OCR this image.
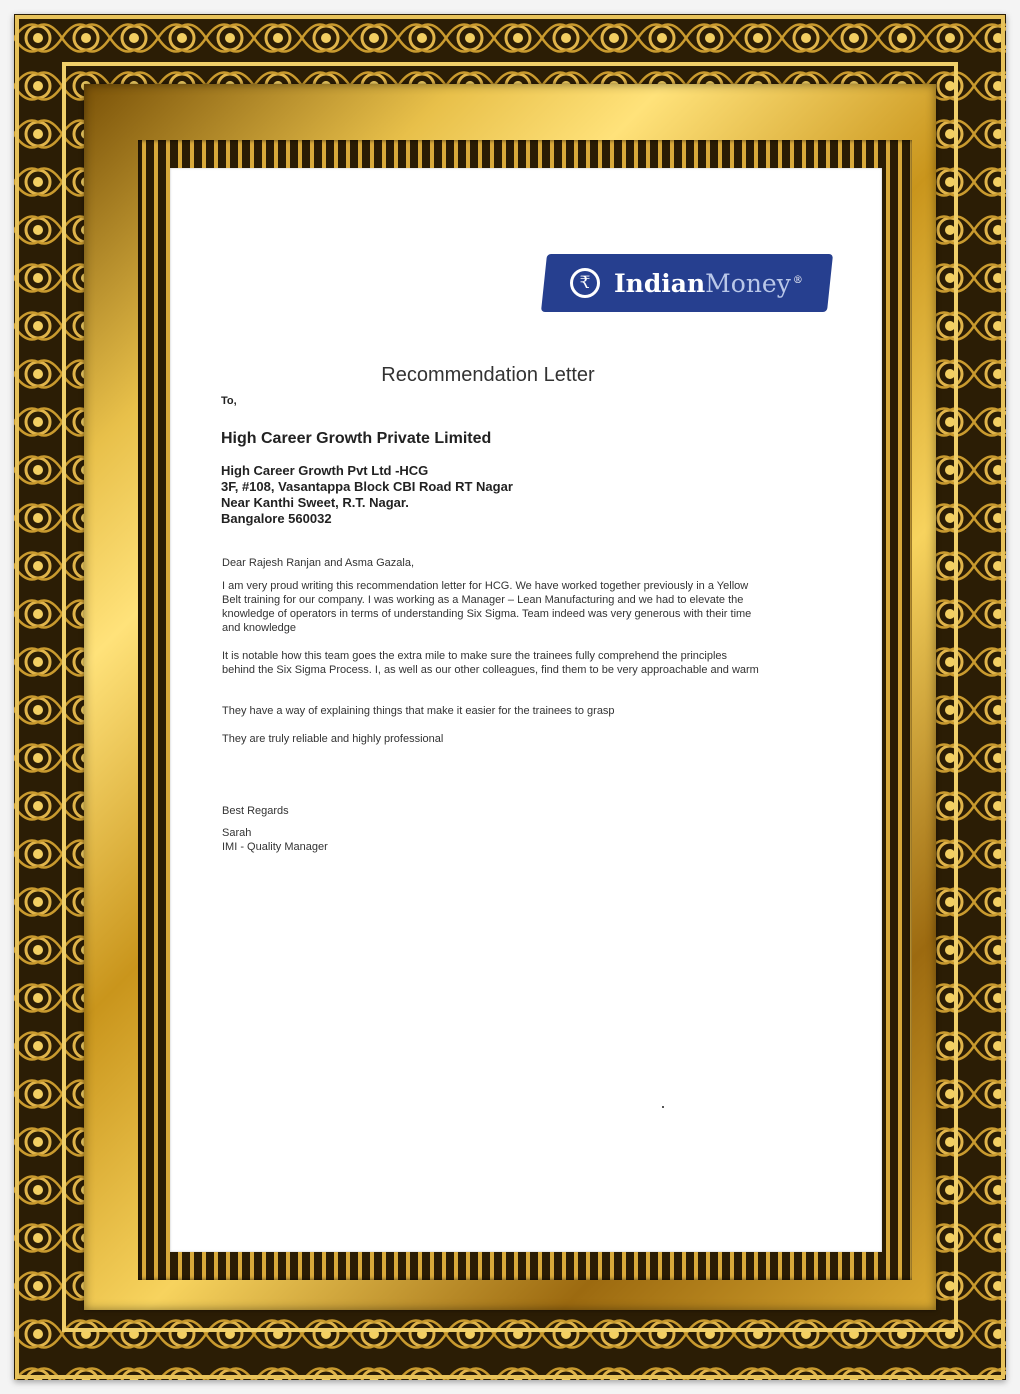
₹ IndianMoney ®
Recommendation Letter
To,
High Career Growth Private Limited
High Career Growth Pvt Ltd -HCG
3F, #108, Vasantappa Block CBI Road RT Nagar
Near Kanthi Sweet, R.T. Nagar.
Bangalore 560032
Dear Rajesh Ranjan and Asma Gazala,
I am very proud writing this recommendation letter for HCG. We have worked together previously in a Yellow Belt training for our company. I was working as a Manager – Lean Manufacturing and we had to elevate the knowledge of operators in terms of understanding Six Sigma. Team indeed was very generous with their time and knowledge
It is notable how this team goes the extra mile to make sure the trainees fully comprehend the principles behind the Six Sigma Process. I, as well as our other colleagues, find them to be very approachable and warm
They have a way of explaining things that make it easier for the trainees to grasp
They are truly reliable and highly professional
Best Regards
Sarah
IMI - Quality Manager
